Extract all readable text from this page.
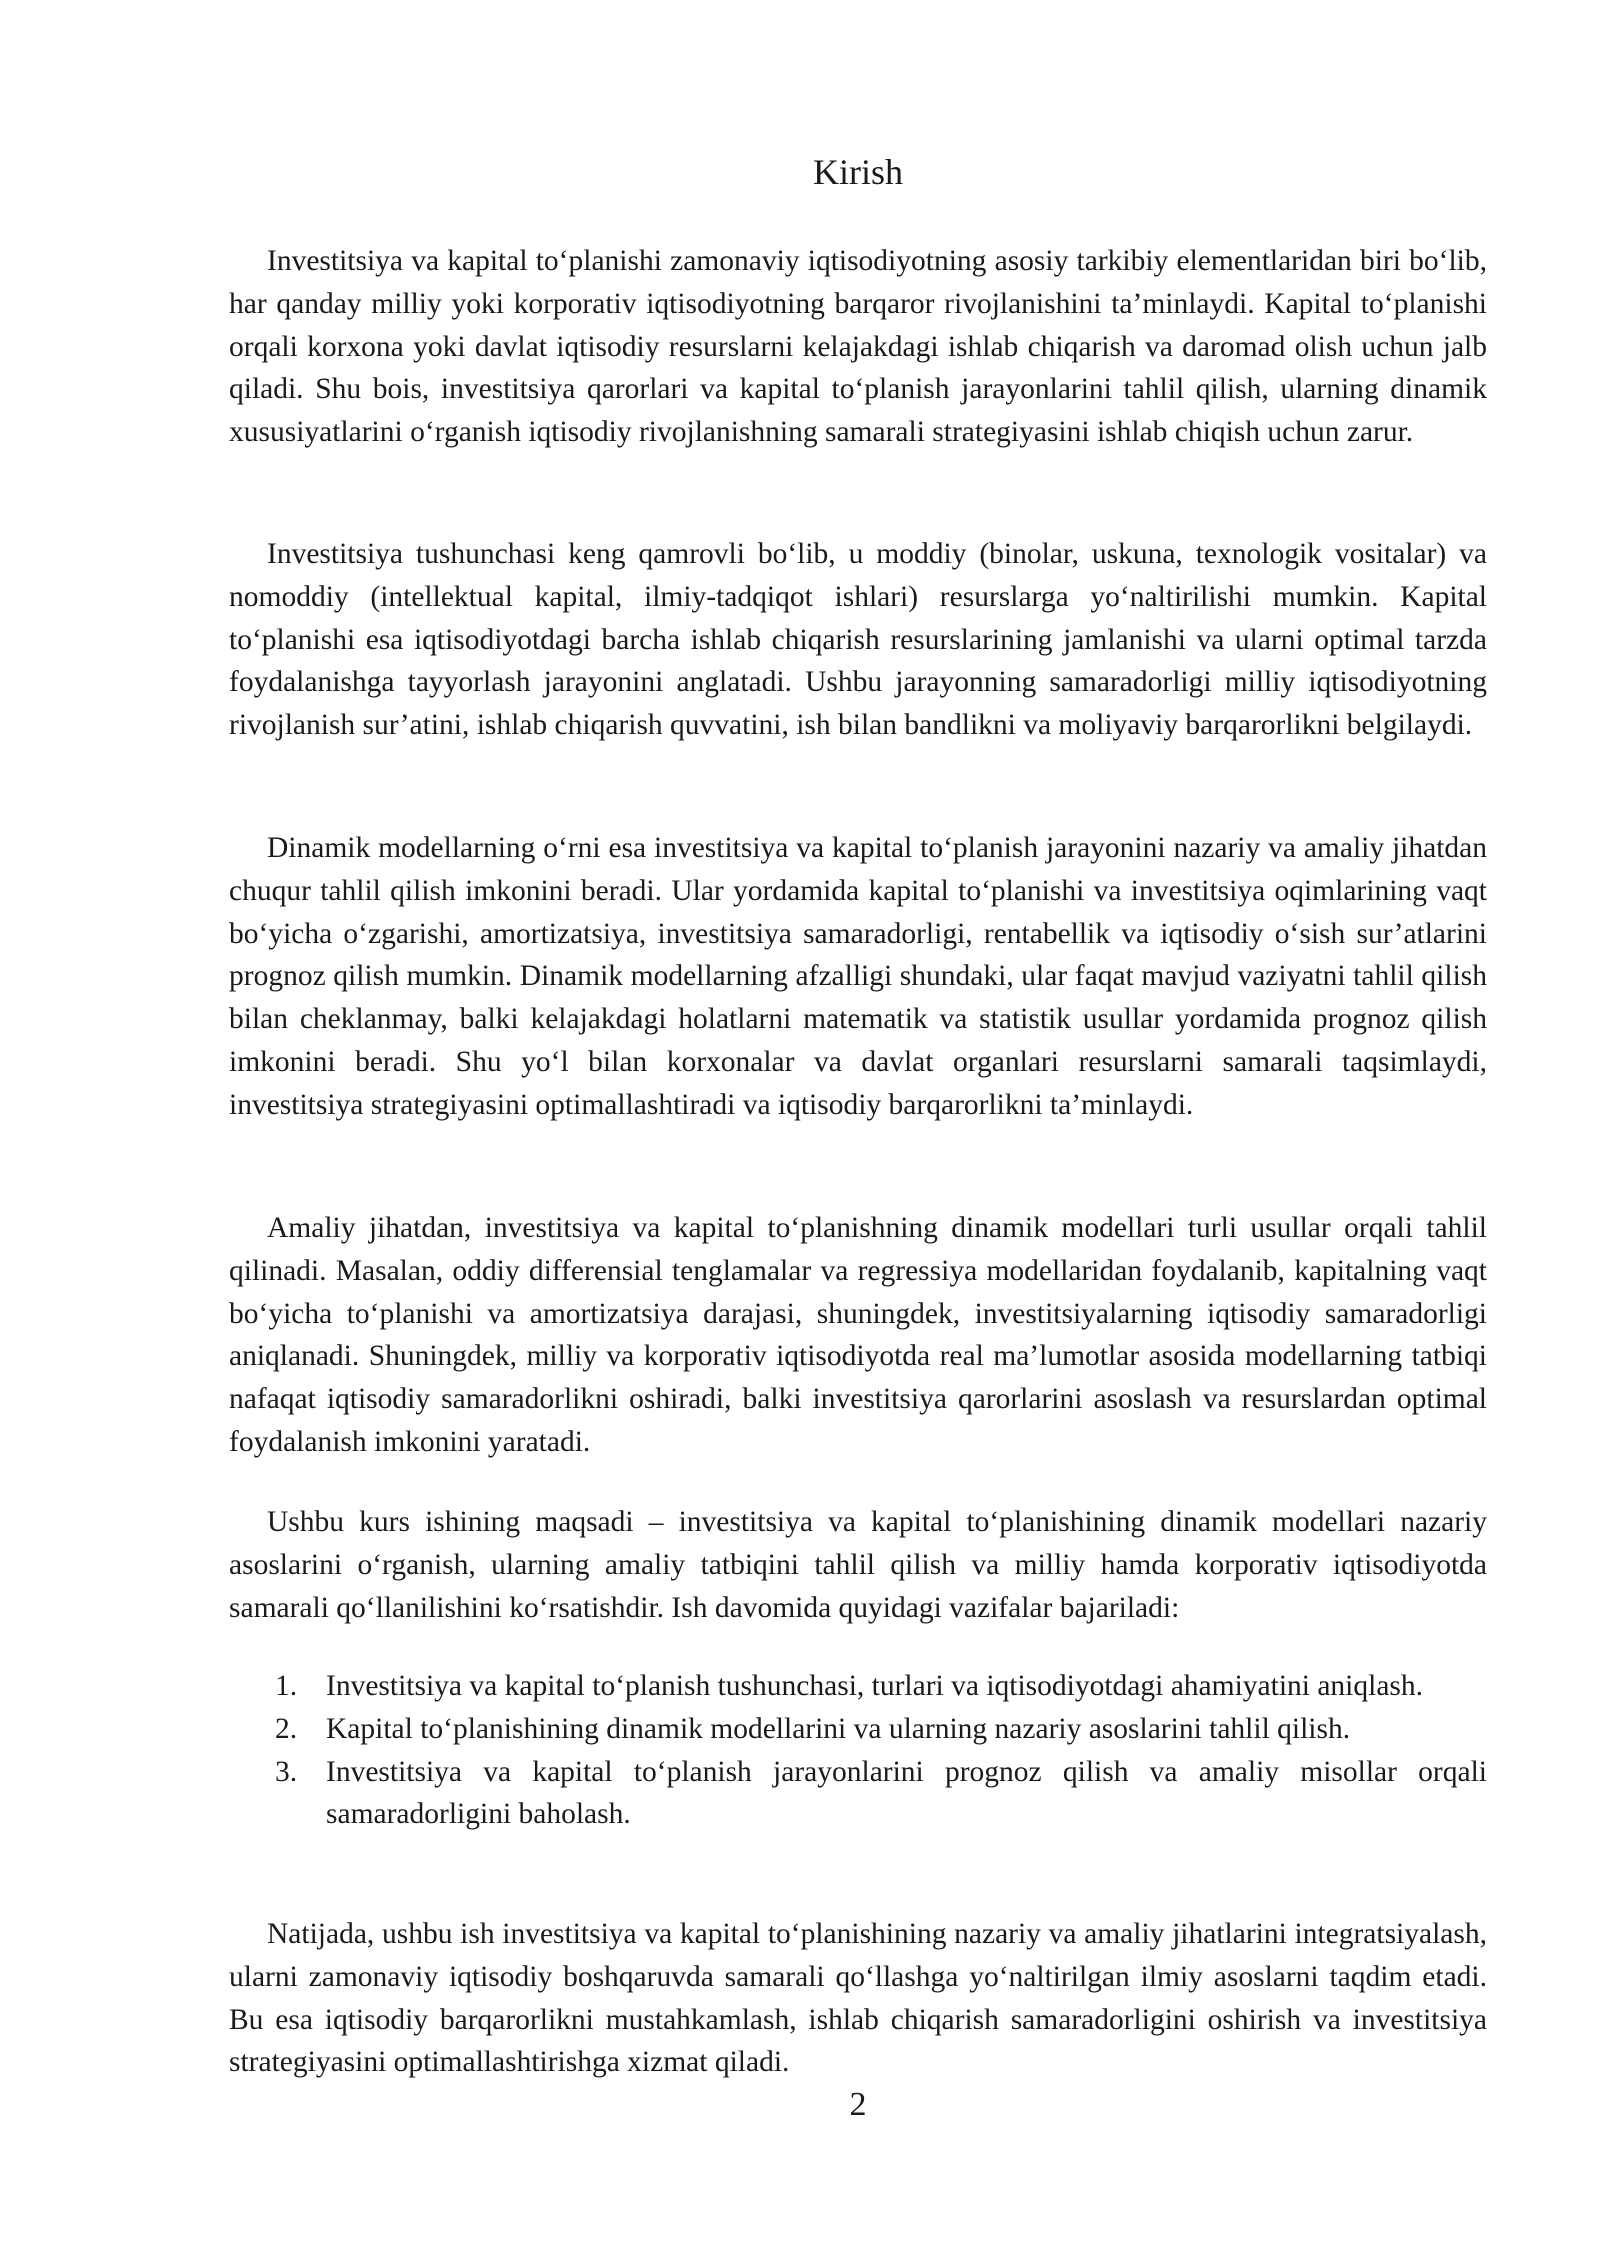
Kirish

Investitsiya va kapital to‘planishi zamonaviy iqtisodiyotning asosiy tarkibiy elementlaridan biri bo‘lib, har qanday milliy yoki korporativ iqtisodiyotning barqaror rivojlanishini ta’minlaydi. Kapital to‘planishi orqali korxona yoki davlat iqtisodiy resurslarni kelajakdagi ishlab chiqarish va daromad olish uchun jalb qiladi. Shu bois, investitsiya qarorlari va kapital to‘planish jarayonlarini tahlil qilish, ularning dinamik xususiyatlarini o‘rganish iqtisodiy rivojlanishning samarali strategiyasini ishlab chiqish uchun zarur.

Investitsiya tushunchasi keng qamrovli bo‘lib, u moddiy (binolar, uskuna, texnologik vositalar) va nomoddiy (intellektual kapital, ilmiy-tadqiqot ishlari) resurslarga yo‘naltirilishi mumkin. Kapital to‘planishi esa iqtisodiyotdagi barcha ishlab chiqarish resurslarining jamlanishi va ularni optimal tarzda foydalanishga tayyorlash jarayonini anglatadi. Ushbu jarayonning samaradorligi milliy iqtisodiyotning rivojlanish sur’atini, ishlab chiqarish quvvatini, ish bilan bandlikni va moliyaviy barqarorlikni belgilaydi.

Dinamik modellarning o‘rni esa investitsiya va kapital to‘planish jarayonini nazariy va amaliy jihatdan chuqur tahlil qilish imkonini beradi. Ular yordamida kapital to‘planishi va investitsiya oqimlarining vaqt bo‘yicha o‘zgarishi, amortizatsiya, investitsiya samaradorligi, rentabellik va iqtisodiy o‘sish sur’atlarini prognoz qilish mumkin. Dinamik modellarning afzalligi shundaki, ular faqat mavjud vaziyatni tahlil qilish bilan cheklanmay, balki kelajakdagi holatlarni matematik va statistik usullar yordamida prognoz qilish imkonini beradi. Shu yo‘l bilan korxonalar va davlat organlari resurslarni samarali taqsimlaydi, investitsiya strategiyasini optimallashtiradi va iqtisodiy barqarorlikni ta’minlaydi.

Amaliy jihatdan, investitsiya va kapital to‘planishning dinamik modellari turli usullar orqali tahlil qilinadi. Masalan, oddiy differensial tenglamalar va regressiya modellaridan foydalanib, kapitalning vaqt bo‘yicha to‘planishi va amortizatsiya darajasi, shuningdek, investitsiyalarning iqtisodiy samaradorligi aniqlanadi. Shuningdek, milliy va korporativ iqtisodiyotda real ma’lumotlar asosida modellarning tatbiqi nafaqat iqtisodiy samaradorlikni oshiradi, balki investitsiya qarorlarini asoslash va resurslardan optimal foydalanish imkonini yaratadi.

Ushbu kurs ishining maqsadi – investitsiya va kapital to‘planishining dinamik modellari nazariy asoslarini o‘rganish, ularning amaliy tatbiqini tahlil qilish va milliy hamda korporativ iqtisodiyotda samarali qo‘llanilishini ko‘rsatishdir. Ish davomida quyidagi vazifalar bajariladi:

1. Investitsiya va kapital to‘planish tushunchasi, turlari va iqtisodiyotdagi ahamiyatini aniqlash.
2. Kapital to‘planishining dinamik modellarini va ularning nazariy asoslarini tahlil qilish.
3. Investitsiya va kapital to‘planish jarayonlarini prognoz qilish va amaliy misollar orqali samaradorligini baholash.

Natijada, ushbu ish investitsiya va kapital to‘planishining nazariy va amaliy jihatlarini integratsiyalash, ularni zamonaviy iqtisodiy boshqaruvda samarali qo‘llashga yo‘naltirilgan ilmiy asoslarni taqdim etadi. Bu esa iqtisodiy barqarorlikni mustahkamlash, ishlab chiqarish samaradorligini oshirish va investitsiya strategiyasini optimallashtirishga xizmat qiladi.

2
